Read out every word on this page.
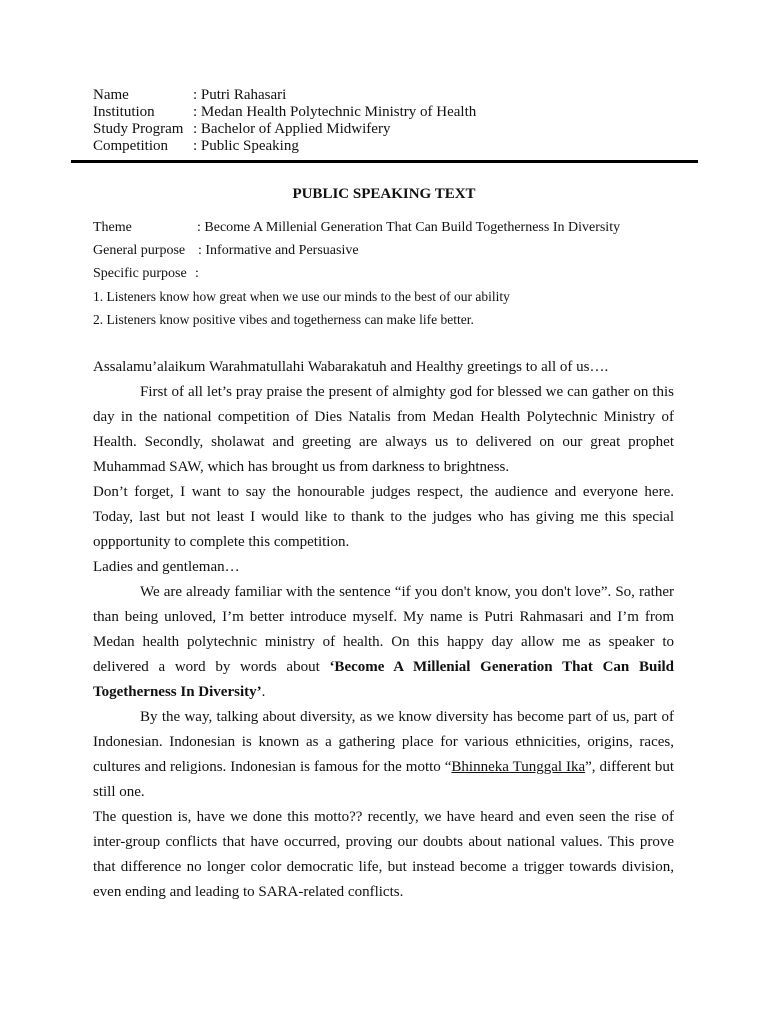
Name	: Putri Rahasari
Institution	: Medan Health Polytechnic Ministry of Health
Study Program : Bachelor of Applied Midwifery
Competition	: Public Speaking
PUBLIC SPEAKING TEXT
Theme	: Become A Millenial Generation That Can Build Togetherness In Diversity
General purpose : Informative and Persuasive
Specific purpose :
1. Listeners know how great when we use our minds to the best of our ability
2. Listeners know positive vibes and togetherness can make life better.

Assalamu’alaikum Warahmatullahi Wabarakatuh and Healthy greetings to all of us….

First of all let’s pray praise the present of almighty god for blessed we can gather on this day in the national competition of Dies Natalis from Medan Health Polytechnic Ministry of Health. Secondly, sholawat and greeting are always us to delivered on our great prophet Muhammad SAW, which has brought us from darkness to brightness.

Don’t forget, I want to say the honourable judges respect, the audience and everyone here. Today, last but not least I would like to thank to the judges who has giving me this special oppportunity to complete this competition.

Ladies and gentleman…

We are already familiar with the sentence “if you don't know, you don't love”. So, rather than being unloved, I’m better introduce myself. My name is Putri Rahmasari and I’m from Medan health polytechnic ministry of health. On this happy day allow me as speaker to delivered a word by words about ‘Become A Millenial Generation That Can Build Togetherness In Diversity’.

By the way, talking about diversity, as we know diversity has become part of us, part of Indonesian. Indonesian is known as a gathering place for various ethnicities, origins, races, cultures and religions. Indonesian is famous for the motto “Bhinneka Tunggal Ika”, different but still one.

The question is, have we done this motto?? recently, we have heard and even seen the rise of inter-group conflicts that have occurred, proving our doubts about national values. This prove that difference no longer color democratic life, but instead become a trigger towards division, even ending and leading to SARA-related conflicts.
